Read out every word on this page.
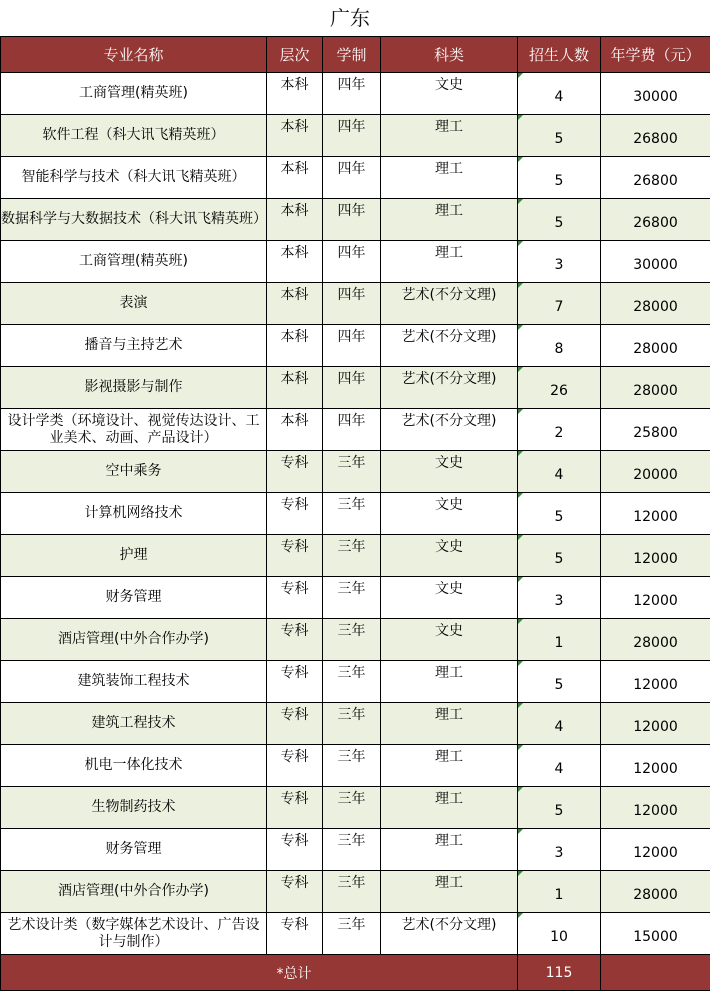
广东
专业名称	层次	学制	科类	招生人数	年学费（元）
工商管理(精英班)	本科	四年	文史	4	30000
软件工程（科大讯飞精英班）	本科	四年	理工	5	26800
智能科学与技术（科大讯飞精英班）	本科	四年	理工	5	26800
数据科学与大数据技术（科大讯飞精英班）	本科	四年	理工	5	26800
工商管理(精英班)	本科	四年	理工	3	30000
表演	本科	四年	艺术(不分文理)	7	28000
播音与主持艺术	本科	四年	艺术(不分文理)	8	28000
影视摄影与制作	本科	四年	艺术(不分文理)	26	28000
设计学类（环境设计、视觉传达设计、工业美术、动画、产品设计）	本科	四年	艺术(不分文理)	2	25800
空中乘务	专科	三年	文史	4	20000
计算机网络技术	专科	三年	文史	5	12000
护理	专科	三年	文史	5	12000
财务管理	专科	三年	文史	3	12000
酒店管理(中外合作办学)	专科	三年	文史	1	28000
建筑装饰工程技术	专科	三年	理工	5	12000
建筑工程技术	专科	三年	理工	4	12000
机电一体化技术	专科	三年	理工	4	12000
生物制药技术	专科	三年	理工	5	12000
财务管理	专科	三年	理工	3	12000
酒店管理(中外合作办学)	专科	三年	理工	1	28000
艺术设计类（数字媒体艺术设计、广告设计与制作）	专科	三年	艺术(不分文理)	10	15000
*总计				115	
